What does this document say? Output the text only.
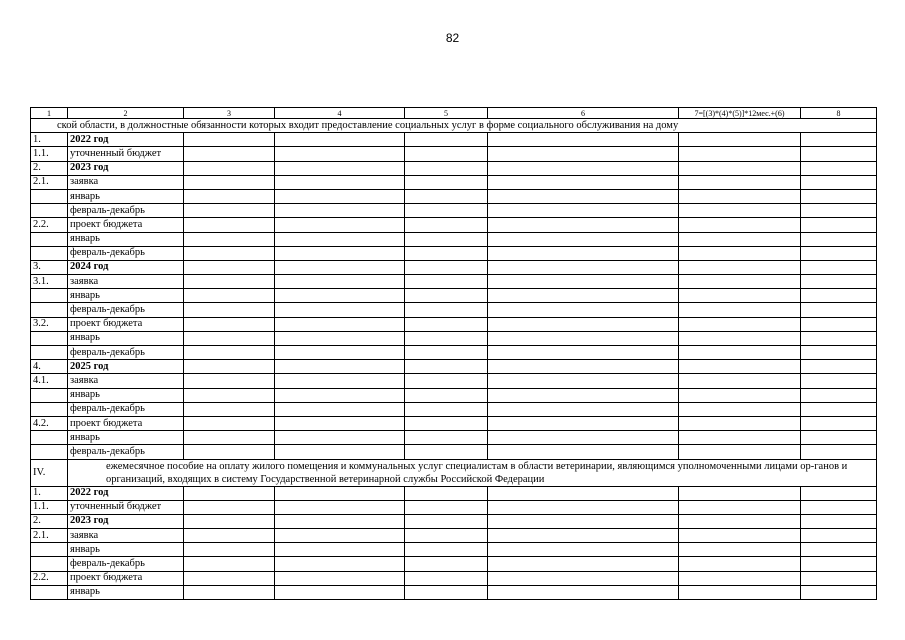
82
1	2	3	4	5	6	7=[(3)*(4)*(5)]*12мес.+(6)	8
ской области, в должностные обязанности которых входит предоставление социальных услуг в форме социального обслуживания на дому							
1.	2022 год						
1.1.	уточненный бюджет						
2.	2023 год						
2.1.	заявка						
	январь						
	февраль-декабрь						
2.2.	проект бюджета						
	январь						
	февраль-декабрь						
3.	2024 год						
3.1.	заявка						
	январь						
	февраль-декабрь						
3.2.	проект бюджета						
	январь						
	февраль-декабрь						
4.	2025 год						
4.1.	заявка						
	январь						
	февраль-декабрь						
4.2.	проект бюджета						
	январь						
	февраль-декабрь						
IV.	ежемесячное пособие на оплату жилого помещения и коммунальных услуг специалистам в области ветеринарии, являющимся уполномоченными лицами ор-ганов и организаций, входящих в систему Государственной ветеринарной службы Российской Федерации						
1.	2022 год						
1.1.	уточненный бюджет						
2.	2023 год						
2.1.	заявка						
	январь						
	февраль-декабрь						
2.2.	проект бюджета						
	январь						
